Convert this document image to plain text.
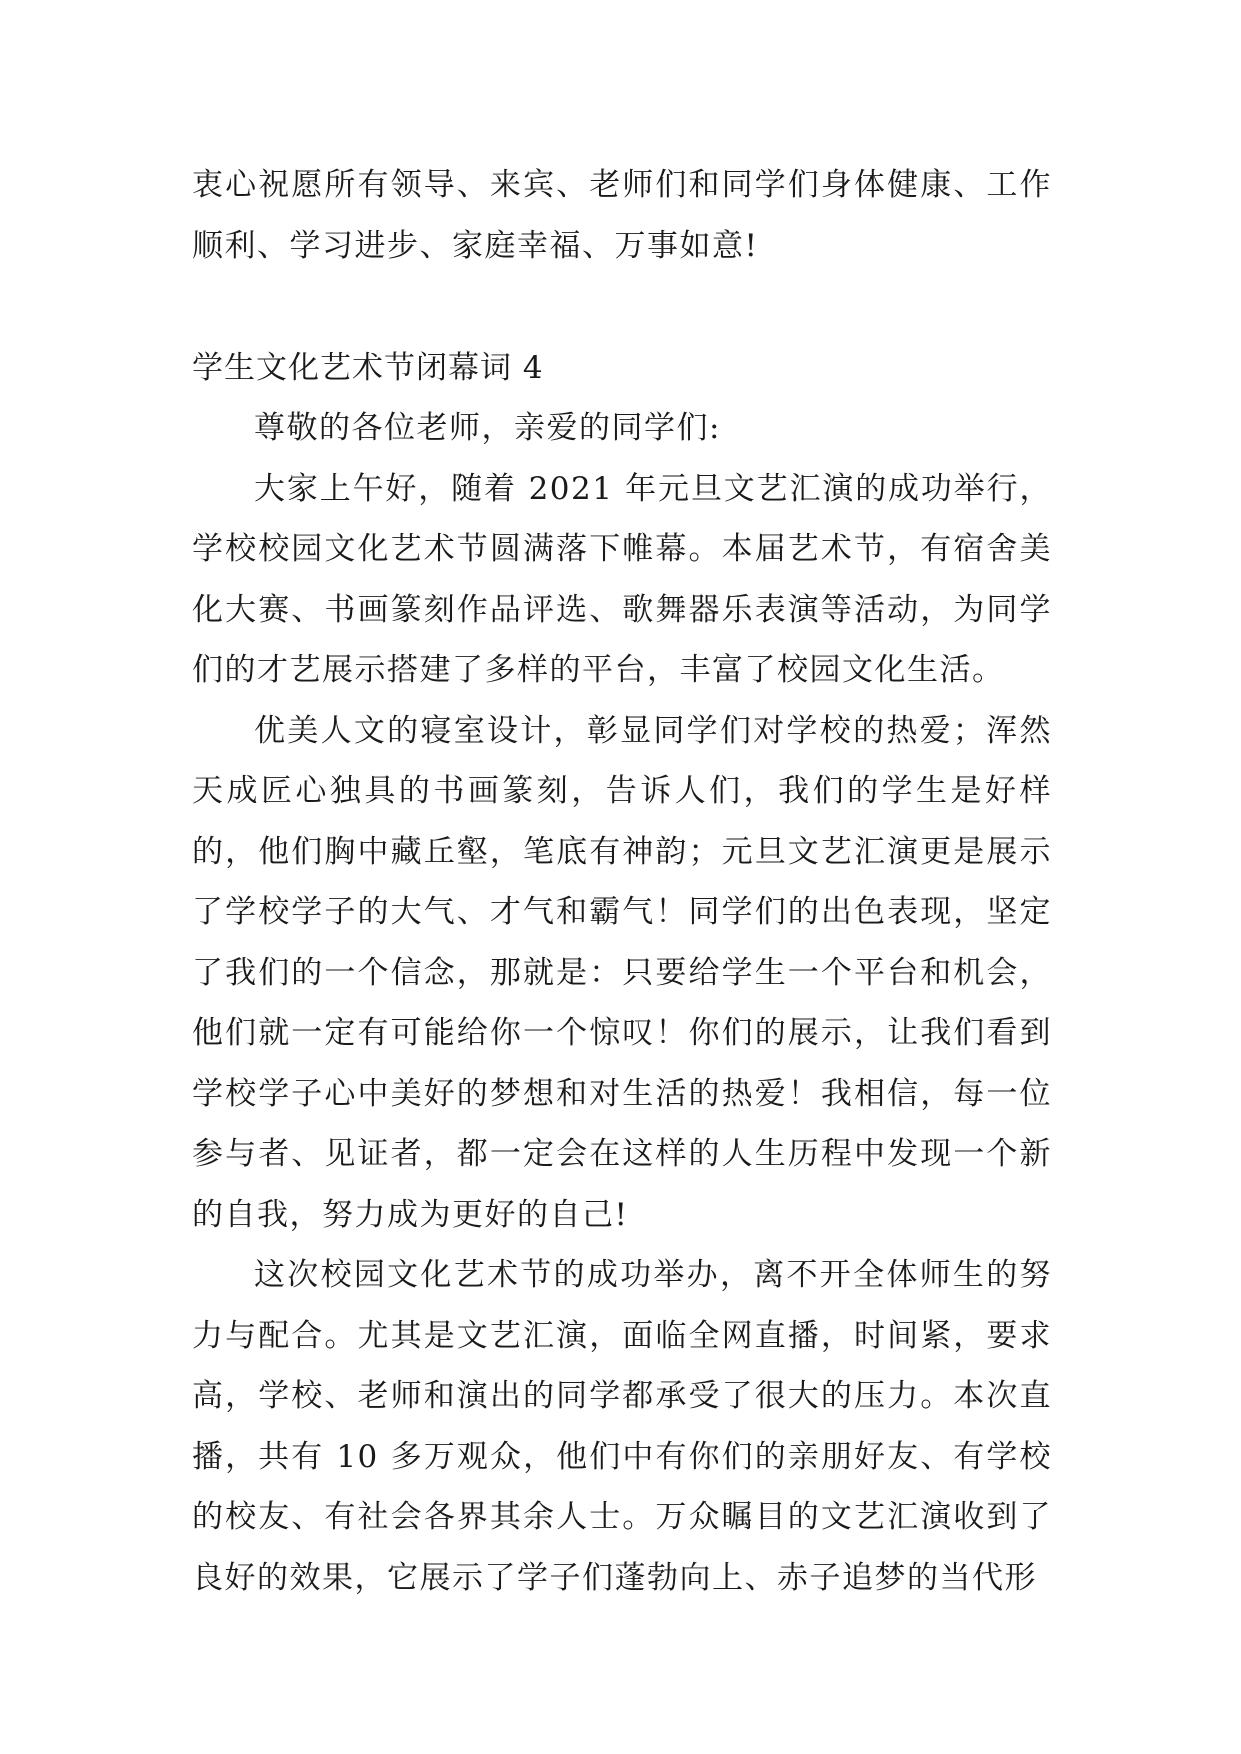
衷心祝愿所有领导、来宾、老师们和同学们身体健康、工作顺利、学习进步、家庭幸福、万事如意!

学生文化艺术节闭幕词 4

尊敬的各位老师，亲爱的同学们:

大家上午好，随着 2021 年元旦文艺汇演的成功举行，学校校园文化艺术节圆满落下帷幕。本届艺术节，有宿舍美化大赛、书画篆刻作品评选、歌舞器乐表演等活动，为同学们的才艺展示搭建了多样的平台，丰富了校园文化生活。

优美人文的寝室设计，彰显同学们对学校的热爱；浑然天成匠心独具的书画篆刻，告诉人们，我们的学生是好样的，他们胸中藏丘壑，笔底有神韵；元旦文艺汇演更是展示了学校学子的大气、才气和霸气！同学们的出色表现，坚定了我们的一个信念，那就是：只要给学生一个平台和机会，他们就一定有可能给你一个惊叹！你们的展示，让我们看到学校学子心中美好的梦想和对生活的热爱！我相信，每一位参与者、见证者，都一定会在这样的人生历程中发现一个新的自我，努力成为更好的自己!

这次校园文化艺术节的成功举办，离不开全体师生的努力与配合。尤其是文艺汇演，面临全网直播，时间紧，要求高，学校、老师和演出的同学都承受了很大的压力。本次直播，共有 10 多万观众，他们中有你们的亲朋好友、有学校的校友、有社会各界其余人士。万众瞩目的文艺汇演收到了良好的效果，它展示了学子们蓬勃向上、赤子追梦的当代形
